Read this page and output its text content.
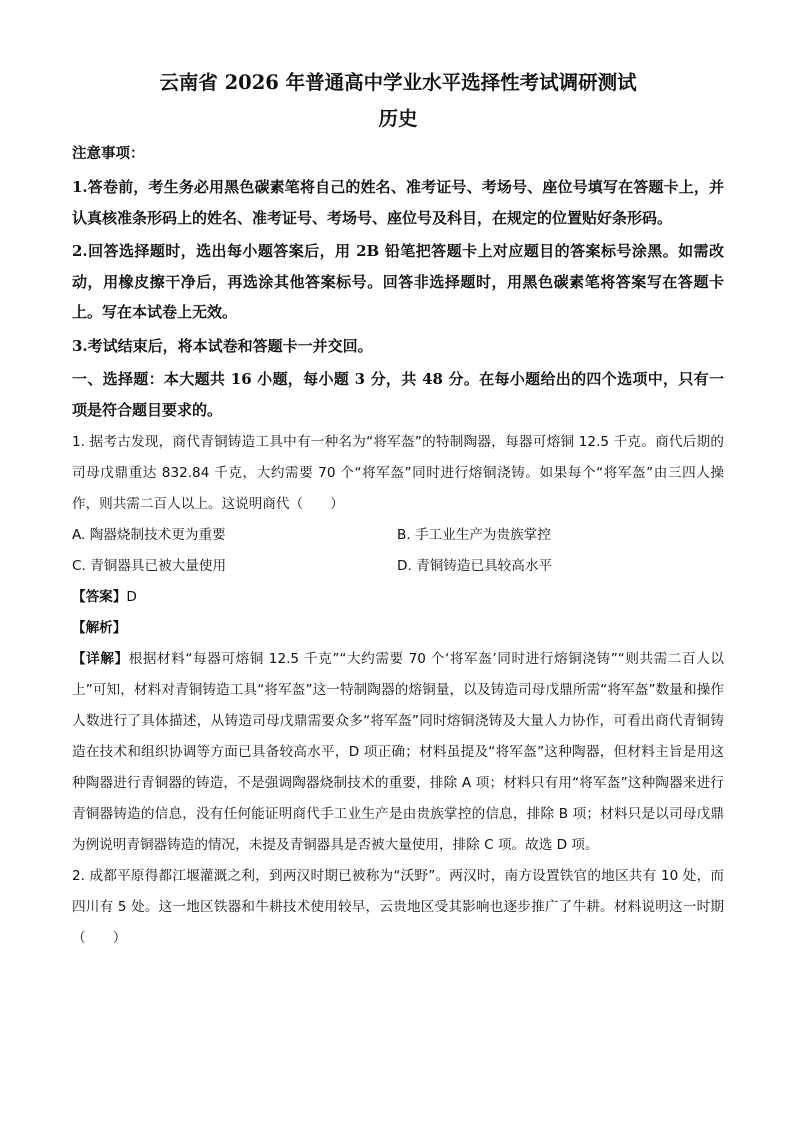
云南省 2026 年普通高中学业水平选择性考试调研测试
历史
注意事项：

1.答卷前，考生务必用黑色碳素笔将自己的姓名、准考证号、考场号、座位号填写在答题卡上，并认真核准条形码上的姓名、准考证号、考场号、座位号及科目，在规定的位置贴好条形码。

2.回答选择题时，选出每小题答案后，用 2B 铅笔把答题卡上对应题目的答案标号涂黑。如需改动，用橡皮擦干净后，再选涂其他答案标号。回答非选择题时，用黑色碳素笔将答案写在答题卡上。写在本试卷上无效。

3.考试结束后，将本试卷和答题卡一并交回。

一、选择题：本大题共 16 小题，每小题 3 分，共 48 分。在每小题给出的四个选项中，只有一项是符合题目要求的。

1. 据考古发现，商代青铜铸造工具中有一种名为“将军盔”的特制陶器，每器可熔铜 12.5 千克。商代后期的司母戊鼎重达 832.84 千克，大约需要 70 个“将军盔”同时进行熔铜浇铸。如果每个“将军盔”由三四人操作，则共需二百人以上。这说明商代（　　）

A. 陶器烧制技术更为重要	B. 手工业生产为贵族掌控
C. 青铜器具已被大量使用	D. 青铜铸造已具较高水平
【答案】D
【解析】

【详解】根据材料“每器可熔铜 12.5 千克”“大约需要 70 个‘将军盔’同时进行熔铜浇铸”“则共需二百人以上”可知，材料对青铜铸造工具“将军盔”这一特制陶器的熔铜量，以及铸造司母戊鼎所需“将军盔”数量和操作人数进行了具体描述，从铸造司母戊鼎需要众多“将军盔”同时熔铜浇铸及大量人力协作，可看出商代青铜铸造在技术和组织协调等方面已具备较高水平，D 项正确；材料虽提及“将军盔”这种陶器，但材料主旨是用这种陶器进行青铜器的铸造，不是强调陶器烧制技术的重要，排除 A 项；材料只有用“将军盔”这种陶器来进行青铜器铸造的信息，没有任何能证明商代手工业生产是由贵族掌控的信息，排除 B 项；材料只是以司母戊鼎为例说明青铜器铸造的情况，未提及青铜器具是否被大量使用，排除 C 项。故选 D 项。

2. 成都平原得都江堰灌溉之利，到两汉时期已被称为“沃野”。两汉时，南方设置铁官的地区共有 10 处，而四川有 5 处。这一地区铁器和牛耕技术使用较早，云贵地区受其影响也逐步推广了牛耕。材料说明这一时期（　　）
